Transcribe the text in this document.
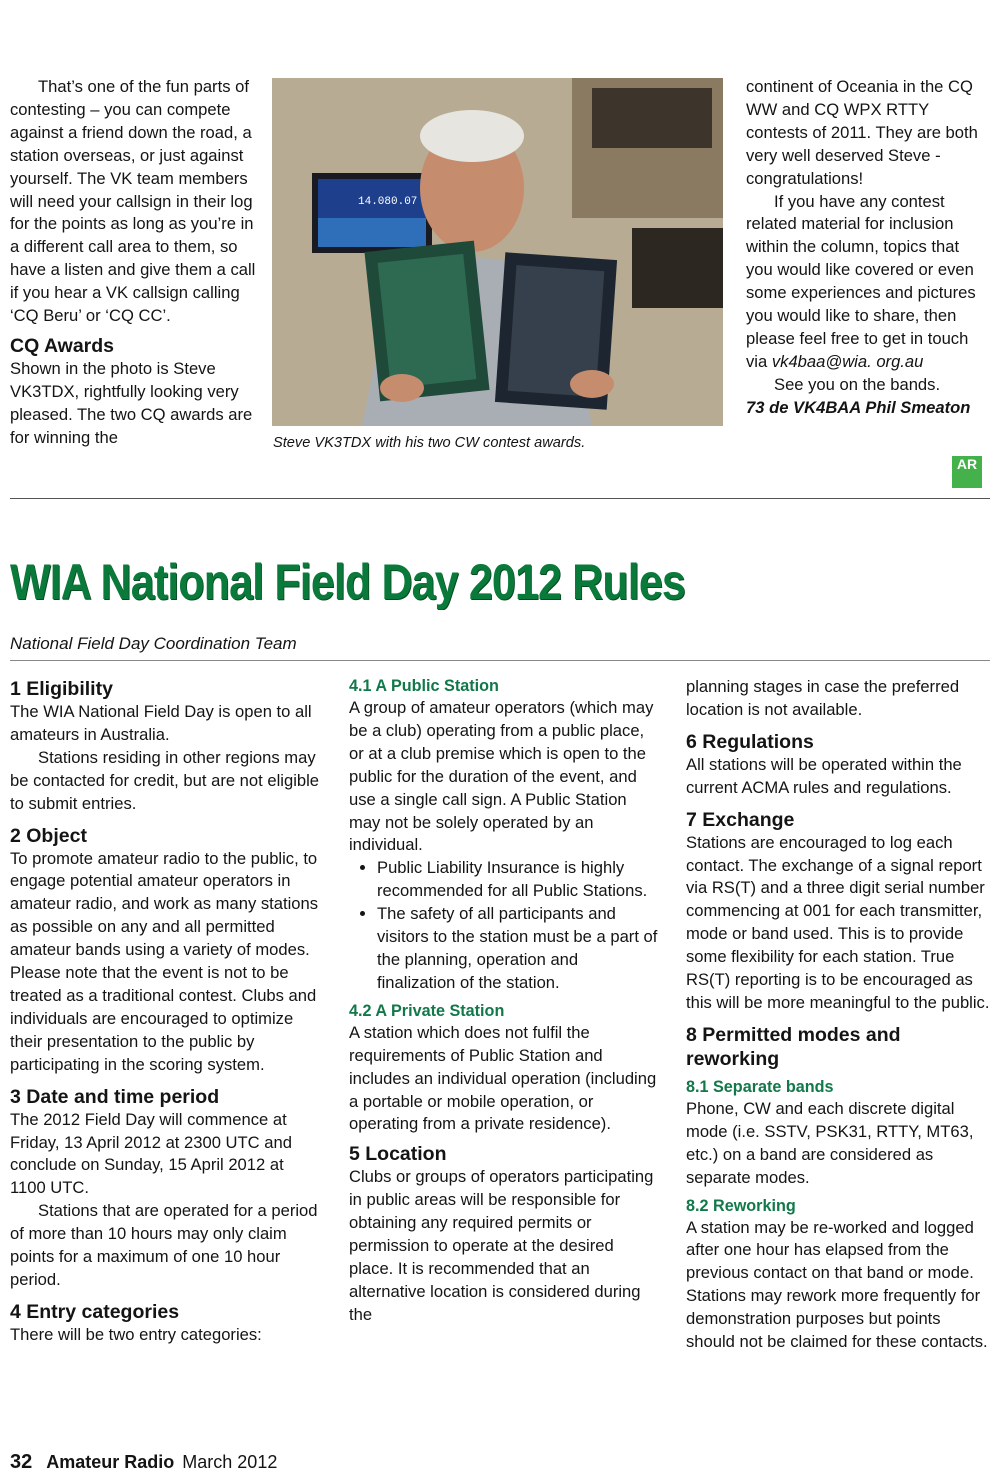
That’s one of the fun parts of contesting – you can compete against a friend down the road, a station overseas, or just against yourself. The VK team members will need your callsign in their log for the points as long as you’re in a different call area to them, so have a listen and give them a call if you hear a VK callsign calling ‘CQ Beru’ or ‘CQ CC’.

CQ Awards

Shown in the photo is Steve VK3TDX, rightfully looking very pleased. The two CQ awards are for winning the

14.080.07
Steve VK3TDX with his two CW contest awards.

continent of Oceania in the CQ WW and CQ WPX RTTY contests of 2011. They are both very well deserved Steve - congratulations!

If you have any contest related material for inclusion within the column, topics that you would like covered or even some experiences and pictures you would like to share, then please feel free to get in touch via vk4baa@wia. org.au

See you on the bands.

73 de VK4BAA Phil Smeaton

AR
WIA National Field Day 2012 Rules
National Field Day Coordination Team
1 Eligibility

The WIA National Field Day is open to all amateurs in Australia.

Stations residing in other regions may be contacted for credit, but are not eligible to submit entries.

2 Object

To promote amateur radio to the public, to engage potential amateur operators in amateur radio, and work as many stations as possible on any and all permitted amateur bands using a variety of modes. Please note that the event is not to be treated as a traditional contest. Clubs and individuals are encouraged to optimize their presentation to the public by participating in the scoring system.

3 Date and time period

The 2012 Field Day will commence at Friday, 13 April 2012 at 2300 UTC and conclude on Sunday, 15 April 2012 at 1100 UTC.

Stations that are operated for a period of more than 10 hours may only claim points for a maximum of one 10 hour period.

4 Entry categories

There will be two entry categories:

4.1 A Public Station

A group of amateur operators (which may be a club) operating from a public place, or at a club premise which is open to the public for the duration of the event, and use a single call sign. A Public Station may not be solely operated by an individual.

• Public Liability Insurance is highly recommended for all Public Stations.
• The safety of all participants and visitors to the station must be a part of the planning, operation and finalization of the station.
4.2 A Private Station

A station which does not fulfil the requirements of Public Station and includes an individual operation (including a portable or mobile operation, or operating from a private residence).

5 Location

Clubs or groups of operators participating in public areas will be responsible for obtaining any required permits or permission to operate at the desired place. It is recommended that an alternative location is considered during the

planning stages in case the preferred location is not available.

6 Regulations

All stations will be operated within the current ACMA rules and regulations.

7 Exchange

Stations are encouraged to log each contact. The exchange of a signal report via RS(T) and a three digit serial number commencing at 001 for each transmitter, mode or band used. This is to provide some flexibility for each station. True RS(T) reporting is to be encouraged as this will be more meaningful to the public.

8 Permitted modes and reworking
8.1 Separate bands

Phone, CW and each discrete digital mode (i.e. SSTV, PSK31, RTTY, MT63, etc.) on a band are considered as separate modes.

8.2 Reworking

A station may be re-worked and logged after one hour has elapsed from the previous contact on that band or mode. Stations may rework more frequently for demonstration purposes but points should not be claimed for these contacts.

32 Amateur Radio March 2012
